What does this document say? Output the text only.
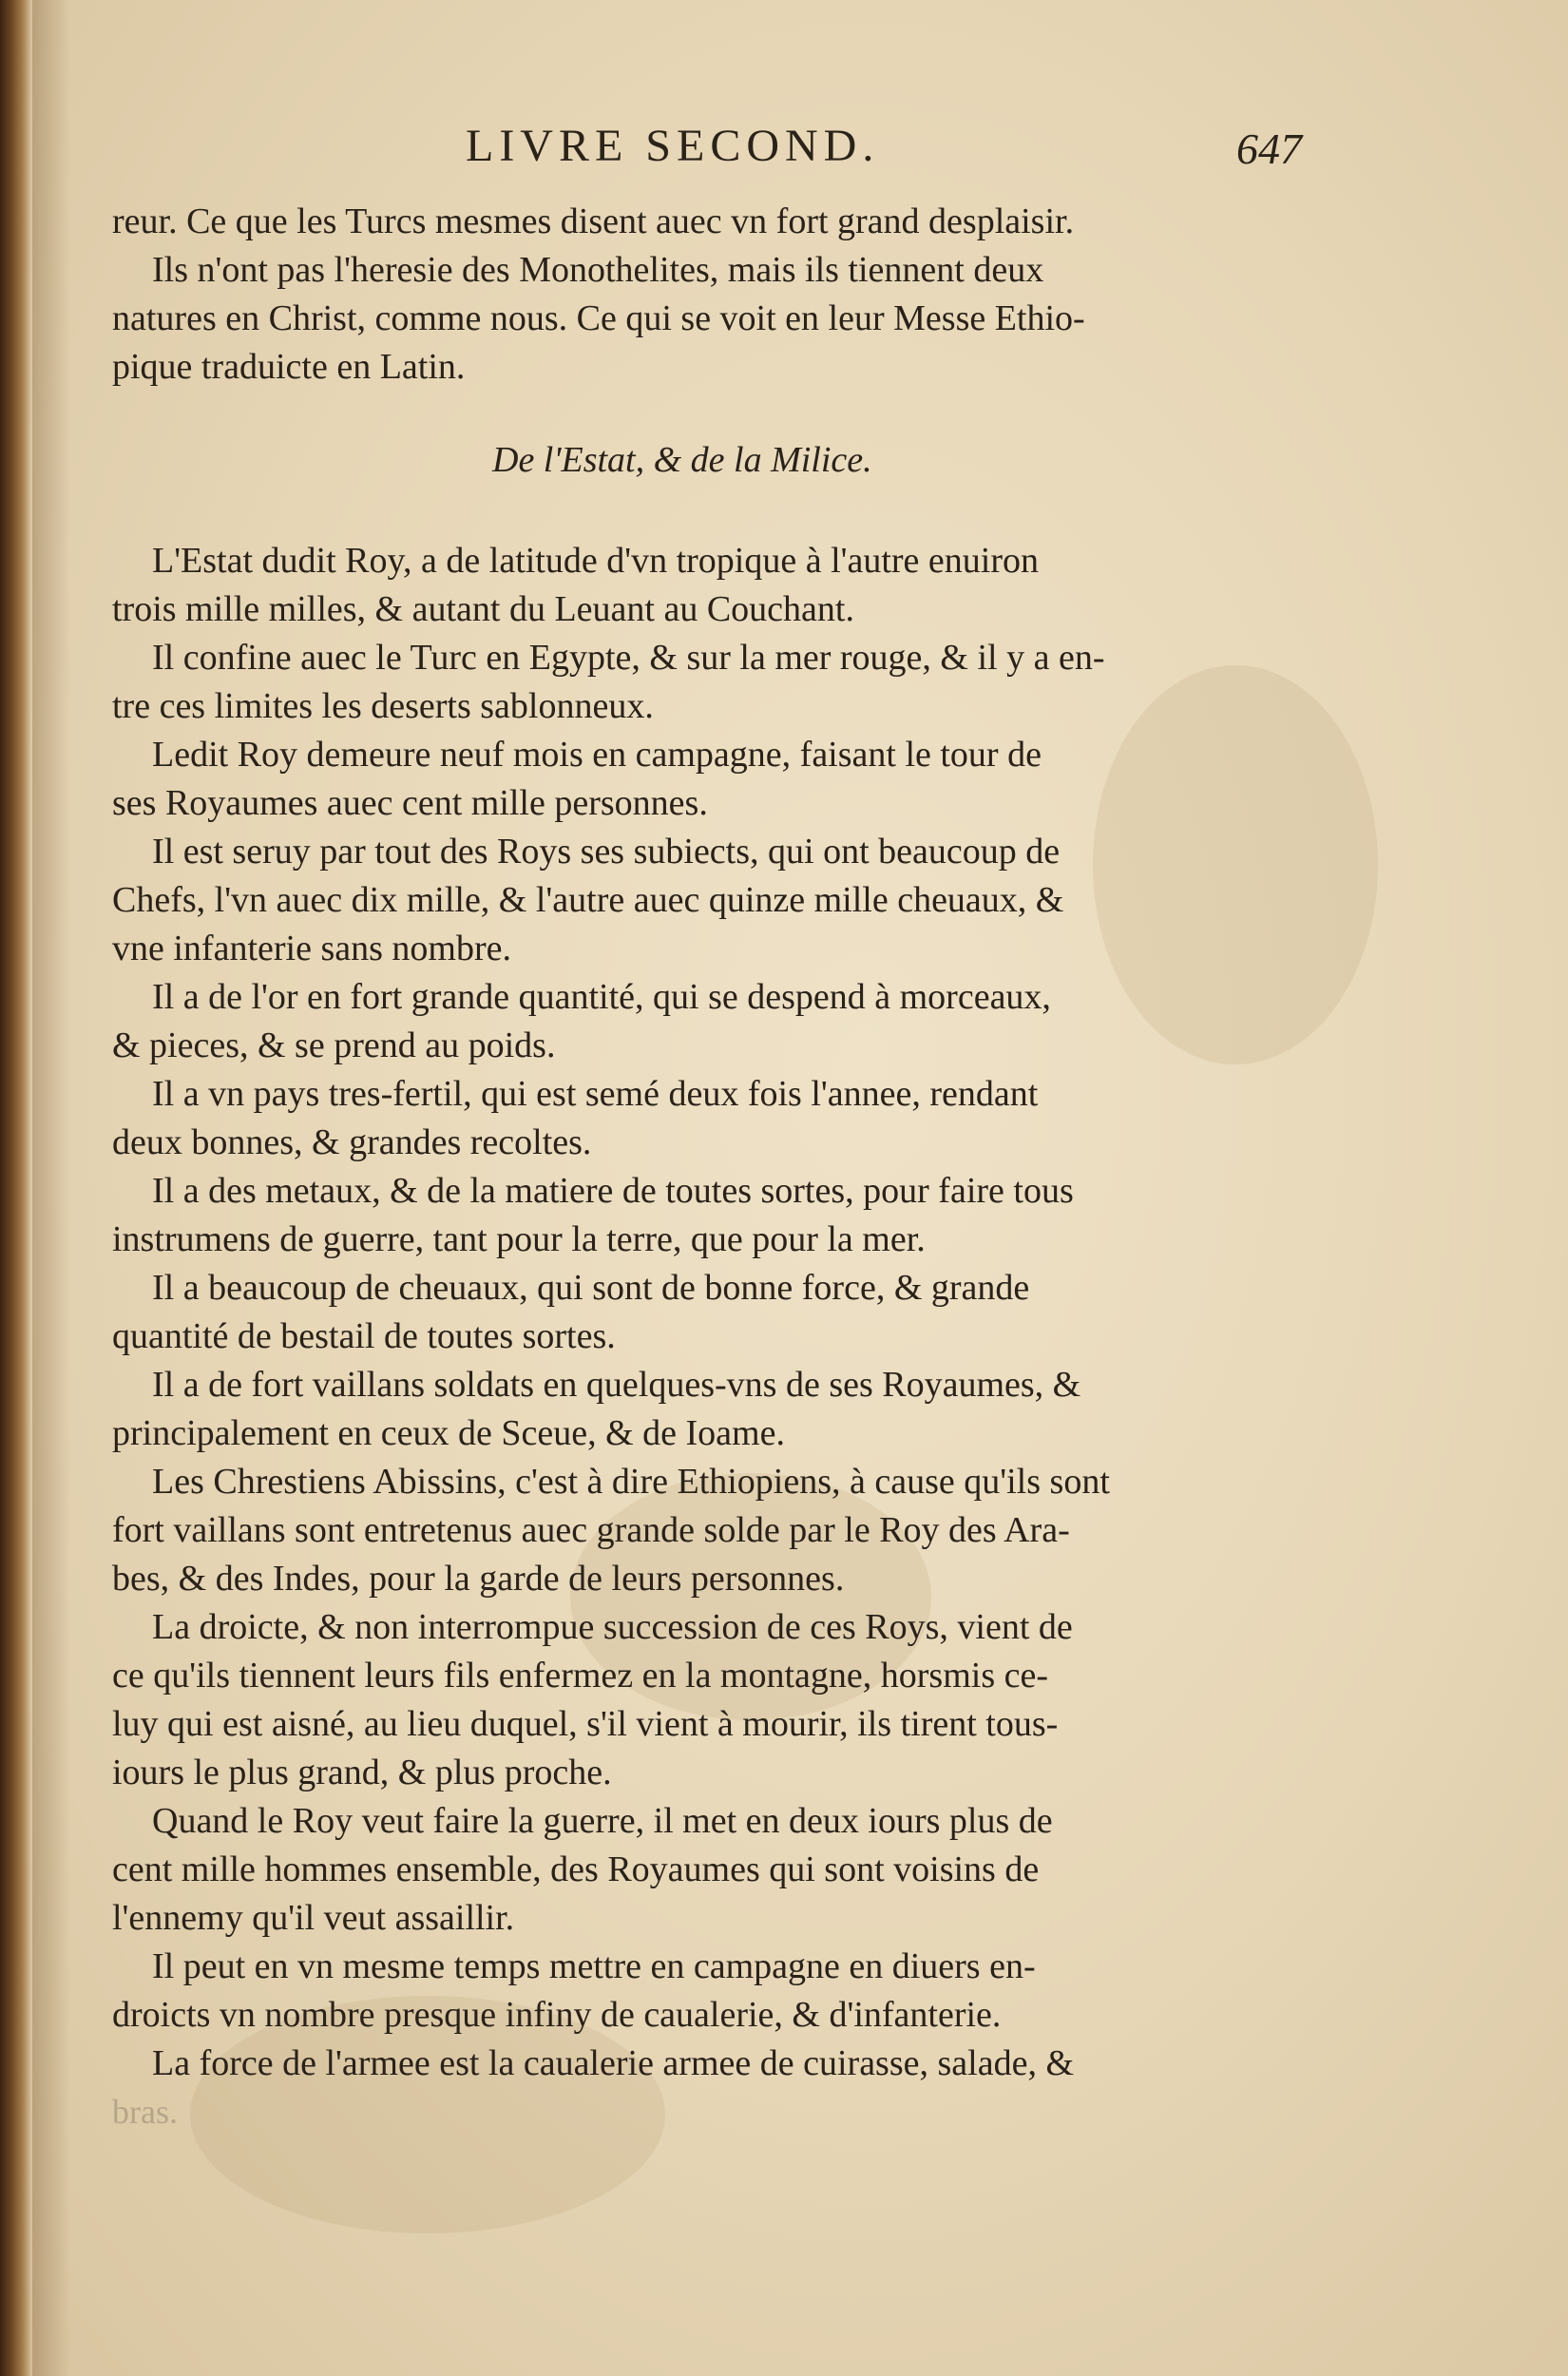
LIVRE SECOND.	647
reur. Ce que les Turcs mesmes disent auec vn fort grand desplaisir.
Ils n'ont pas l'heresie des Monothelites, mais ils tiennent deux
natures en Christ, comme nous. Ce qui se voit en leur Messe Ethio-
pique traduicte en Latin.
De l'Estat, & de la Milice.
L'Estat dudit Roy, a de latitude d'vn tropique à l'autre enuiron
trois mille milles, & autant du Leuant au Couchant.
Il confine auec le Turc en Egypte, & sur la mer rouge, & il y a en-
tre ces limites les deserts sablonneux.
Ledit Roy demeure neuf mois en campagne, faisant le tour de
ses Royaumes auec cent mille personnes.
Il est seruy par tout des Roys ses subiects, qui ont beaucoup de
Chefs, l'vn auec dix mille, & l'autre auec quinze mille cheuaux, &
vne infanterie sans nombre.
Il a de l'or en fort grande quantité, qui se despend à morceaux,
& pieces, & se prend au poids.
Il a vn pays tres-fertil, qui est semé deux fois l'annee, rendant
deux bonnes, & grandes recoltes.
Il a des metaux, & de la matiere de toutes sortes, pour faire tous
instrumens de guerre, tant pour la terre, que pour la mer.
Il a beaucoup de cheuaux, qui sont de bonne force, & grande
quantité de bestail de toutes sortes.
Il a de fort vaillans soldats en quelques-vns de ses Royaumes, &
principalement en ceux de Sceue, & de Ioame.
Les Chrestiens Abissins, c'est à dire Ethiopiens, à cause qu'ils sont
fort vaillans sont entretenus auec grande solde par le Roy des Ara-
bes, & des Indes, pour la garde de leurs personnes.
La droicte, & non interrompue succession de ces Roys, vient de
ce qu'ils tiennent leurs fils enfermez en la montagne, horsmis ce-
luy qui est aisné, au lieu duquel, s'il vient à mourir, ils tirent tous-
iours le plus grand, & plus proche.
Quand le Roy veut faire la guerre, il met en deux iours plus de
cent mille hommes ensemble, des Royaumes qui sont voisins de
l'ennemy qu'il veut assaillir.
Il peut en vn mesme temps mettre en campagne en diuers en-
droicts vn nombre presque infiny de caualerie, & d'infanterie.
La force de l'armee est la caualerie armee de cuirasse, salade, &
bras.
